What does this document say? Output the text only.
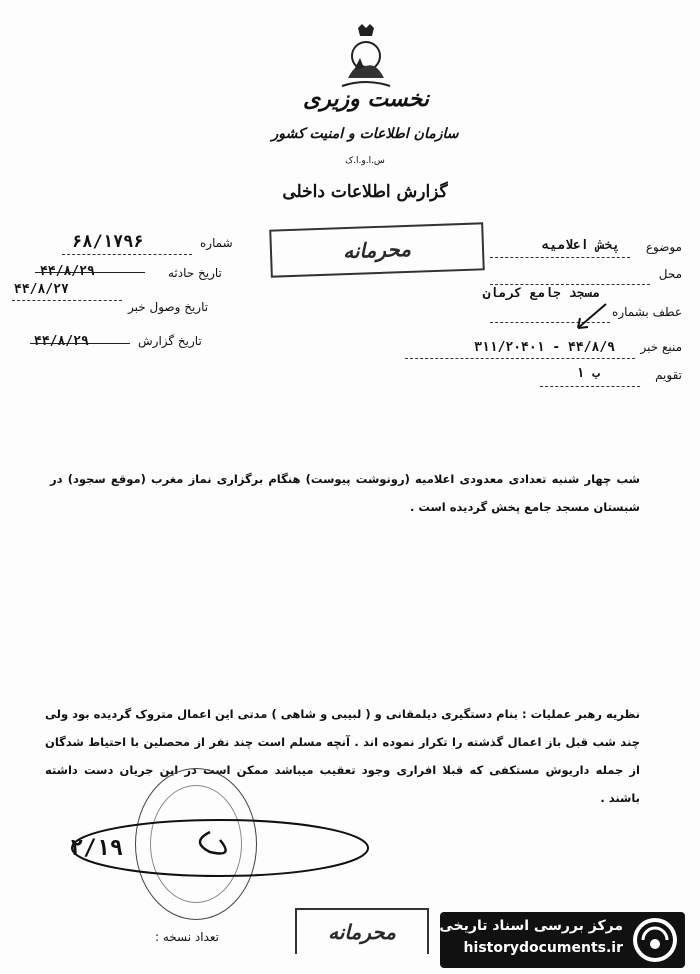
نخست وزیری
سازمان اطلاعات و امنیت کشور
س.ا.و.ا.ک
گزارش اطلاعات داخلی
محرمانه	موضوع
پخش اعلامیه
محل
مسجد جامع کرمان
عطف بشماره
منبع خبر
۴۴/۸/۹ - ۳۱۱/۲۰۴۰۱
تقویم
ب ۱
شماره
۶۸/۱۷۹۶
تاریخ حادثه
۴۴/۸/۲۹
تاریخ وصول خبر
۴۴/۸/۲۷
تاریخ گزارش
۴۴/۸/۲۹
شب چهار شنبه تعدادی معدودی اعلامیه (رونوشت پیوست) هنگام برگزاری نماز مغرب (موقع سجود) در شبستان مسجد جامع پخش گردیده است .
نظریه رهبر عملیات : بنام دستگیری دیلمقانی و ( لبیبی و شاهی ) مدتی این اعمال متروک گردیده بود ولی چند شب قبل باز اعمال گذشته را تکرار نموده اند . آنچه مسلم است چند نفر از محصلین با احتیاط شدگان از جمله داریوش مستکفی که قبلا افراری وجود تعقیب میباشد ممکن است در این جریان دست داشته باشند .
۲/۱۹
تعداد نسخه :	محرمانه	مرکز بررسی اسناد تاریخی
historydocuments.ir
۳۶ - ۲/۱۲۸
